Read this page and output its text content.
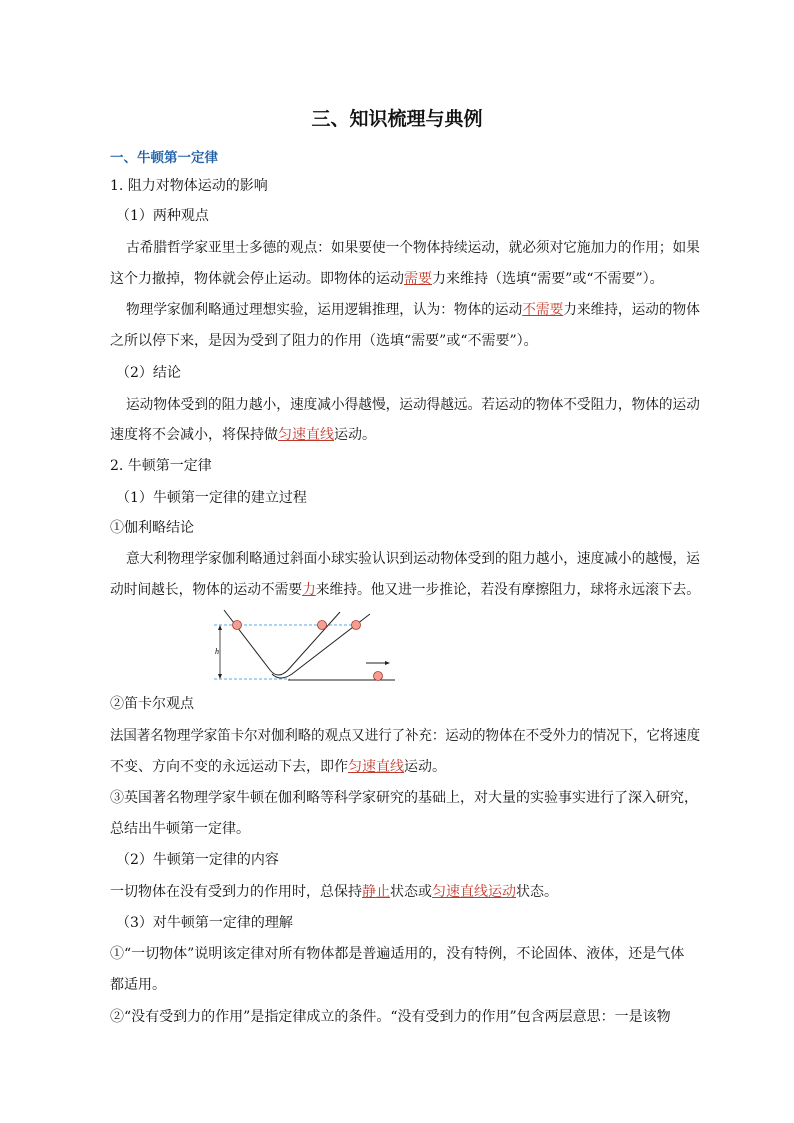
三、知识梳理与典例
一、牛顿第一定律
1. 阻力对物体运动的影响
（1）两种观点
古希腊哲学家亚里士多德的观点：如果要使一个物体持续运动，就必须对它施加力的作用；如果
这个力撤掉，物体就会停止运动。即物体的运动需要力来维持（选填“需要”或“不需要”）。
物理学家伽利略通过理想实验，运用逻辑推理，认为：物体的运动不需要力来维持，运动的物体
之所以停下来，是因为受到了阻力的作用（选填“需要”或“不需要”）。
（2）结论
运动物体受到的阻力越小，速度减小得越慢，运动得越远。若运动的物体不受阻力，物体的运动
速度将不会减小，将保持做匀速直线运动。
2. 牛顿第一定律
（1）牛顿第一定律的建立过程
①伽利略结论
意大利物理学家伽利略通过斜面小球实验认识到运动物体受到的阻力越小，速度减小的越慢，运
动时间越长，物体的运动不需要力来维持。他又进一步推论，若没有摩擦阻力，球将永远滚下去。
h
②笛卡尔观点
法国著名物理学家笛卡尔对伽利略的观点又进行了补充：运动的物体在不受外力的情况下，它将速度
不变、方向不变的永远运动下去，即作匀速直线运动。
③英国著名物理学家牛顿在伽利略等科学家研究的基础上，对大量的实验事实进行了深入研究，
总结出牛顿第一定律。
（2）牛顿第一定律的内容
一切物体在没有受到力的作用时，总保持静止状态或匀速直线运动状态。
（3）对牛顿第一定律的理解
①“一切物体”说明该定律对所有物体都是普遍适用的，没有特例，不论固体、液体，还是气体
都适用。
②“没有受到力的作用”是指定律成立的条件。“没有受到力的作用”包含两层意思：一是该物
